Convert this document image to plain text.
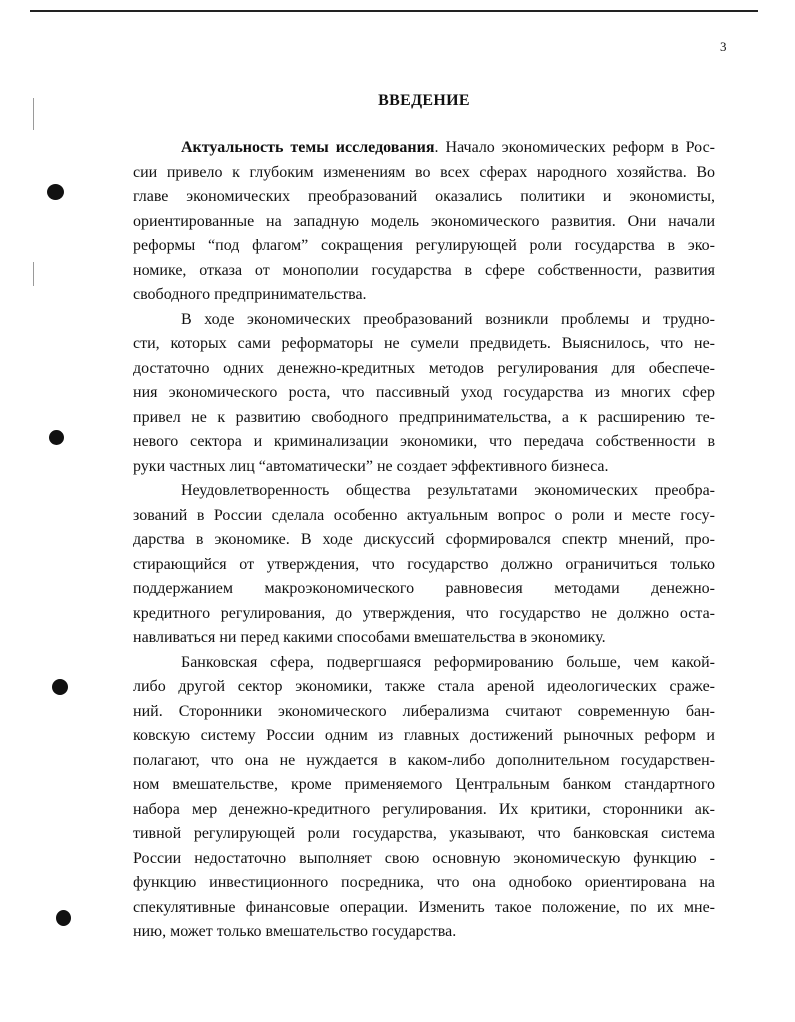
3
ВВЕДЕНИЕ
Актуальность темы исследования. Начало экономических реформ в Рос-
сии привело к глубоким изменениям во всех сферах народного хозяйства. Во
главе экономических преобразований оказались политики и экономисты,
ориентированные на западную модель экономического развития. Они начали
реформы “под флагом” сокращения регулирующей роли государства в эко-
номике, отказа от монополии государства в сфере собственности, развития
свободного предпринимательства.
В ходе экономических преобразований возникли проблемы и трудно-
сти, которых сами реформаторы не сумели предвидеть. Выяснилось, что не-
достаточно одних денежно-кредитных методов регулирования для обеспече-
ния экономического роста, что пассивный уход государства из многих сфер
привел не к развитию свободного предпринимательства, а к расширению те-
невого сектора и криминализации экономики, что передача собственности в
руки частных лиц “автоматически” не создает эффективного бизнеса.
Неудовлетворенность общества результатами экономических преобра-
зований в России сделала особенно актуальным вопрос о роли и месте госу-
дарства в экономике. В ходе дискуссий сформировался спектр мнений, про-
стирающийся от утверждения, что государство должно ограничиться только
поддержанием макроэкономического равновесия методами денежно-
кредитного регулирования, до утверждения, что государство не должно оста-
навливаться ни перед какими способами вмешательства в экономику.
Банковская сфера, подвергшаяся реформированию больше, чем какой-
либо другой сектор экономики, также стала ареной идеологических сраже-
ний. Сторонники экономического либерализма считают современную бан-
ковскую систему России одним из главных достижений рыночных реформ и
полагают, что она не нуждается в каком-либо дополнительном государствен-
ном вмешательстве, кроме применяемого Центральным банком стандартного
набора мер денежно-кредитного регулирования. Их критики, сторонники ак-
тивной регулирующей роли государства, указывают, что банковская система
России недостаточно выполняет свою основную экономическую функцию -
функцию инвестиционного посредника, что она однобоко ориентирована на
спекулятивные финансовые операции. Изменить такое положение, по их мне-
нию, может только вмешательство государства.
